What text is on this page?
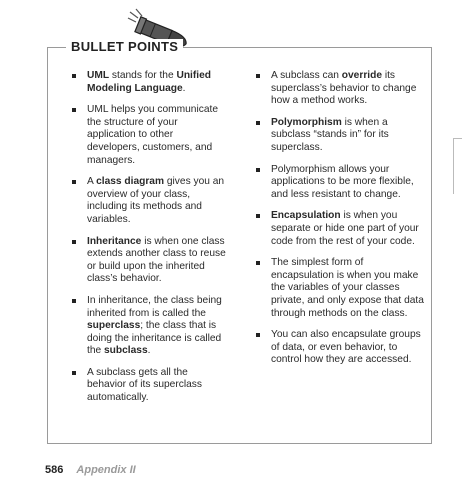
BULLET POINTS
UML stands for the Unified Modeling Language.
UML helps you communicate the structure of your application to other developers, customers, and managers.
A class diagram gives you an overview of your class, including its methods and variables.
Inheritance is when one class extends another class to reuse or build upon the inherited class’s behavior.
In inheritance, the class being inherited from is called the superclass; the class that is doing the inheritance is called the subclass.
A subclass gets all the behavior of its superclass automatically.
A subclass can override its superclass’s behavior to change how a method works.
Polymorphism is when a subclass “stands in” for its superclass.
Polymorphism allows your applications to be more flexible, and less resistant to change.
Encapsulation is when you separate or hide one part of your code from the rest of your code.
The simplest form of encapsulation is when you make the variables of your classes private, and only expose that data through methods on the class.
You can also encapsulate groups of data, or even behavior, to control how they are accessed.
586 Appendix II
